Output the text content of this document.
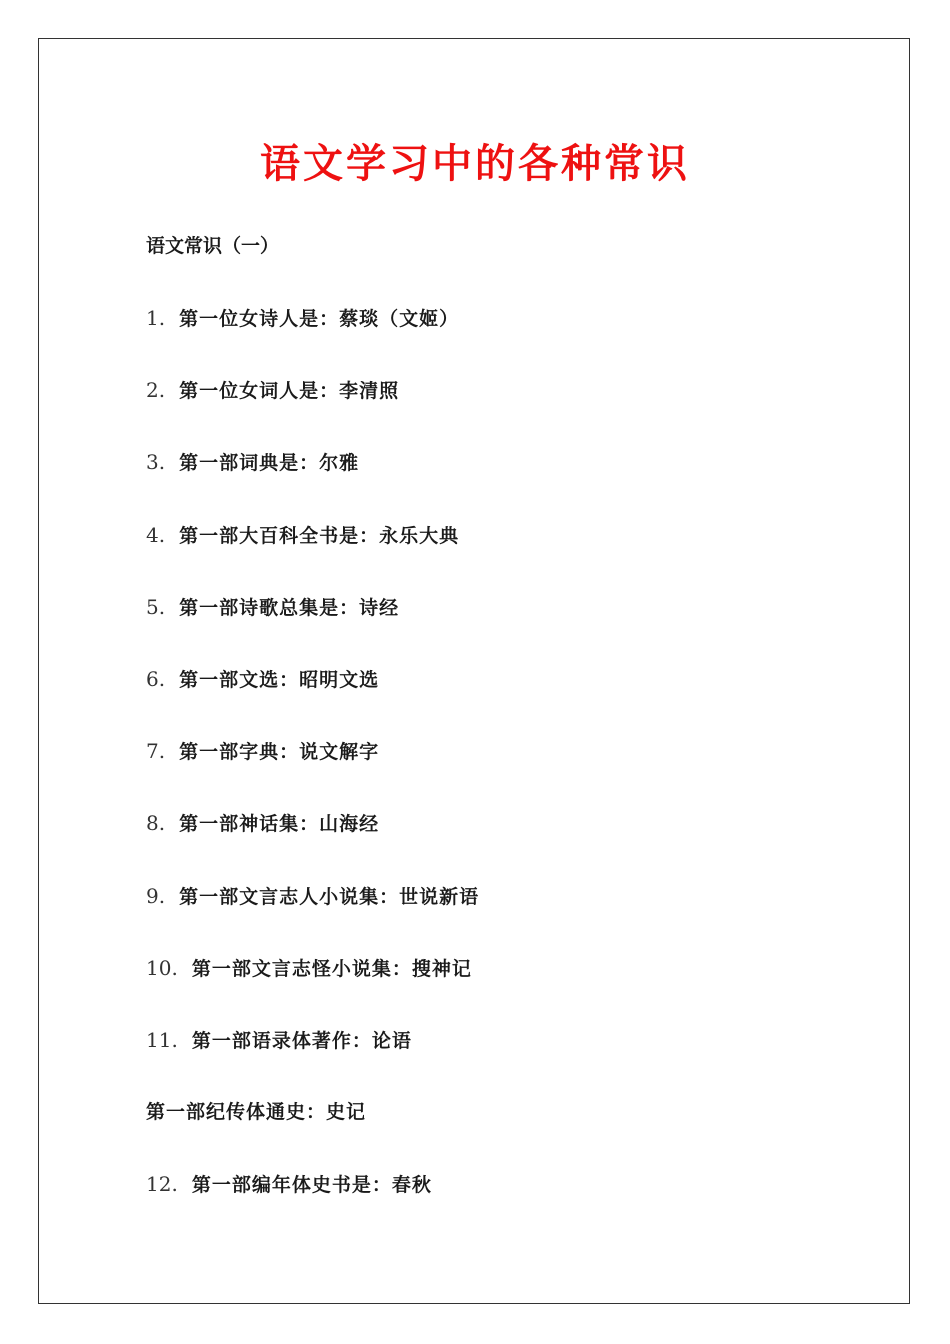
语文学习中的各种常识
语文常识（一）
1. 第一位女诗人是：蔡琰（文姬）
2. 第一位女词人是：李清照
3. 第一部词典是：尔雅
4. 第一部大百科全书是：永乐大典
5. 第一部诗歌总集是：诗经
6. 第一部文选：昭明文选
7. 第一部字典：说文解字
8. 第一部神话集：山海经
9. 第一部文言志人小说集：世说新语
10. 第一部文言志怪小说集：搜神记
11. 第一部语录体著作：论语
第一部纪传体通史：史记
12. 第一部编年体史书是：春秋
